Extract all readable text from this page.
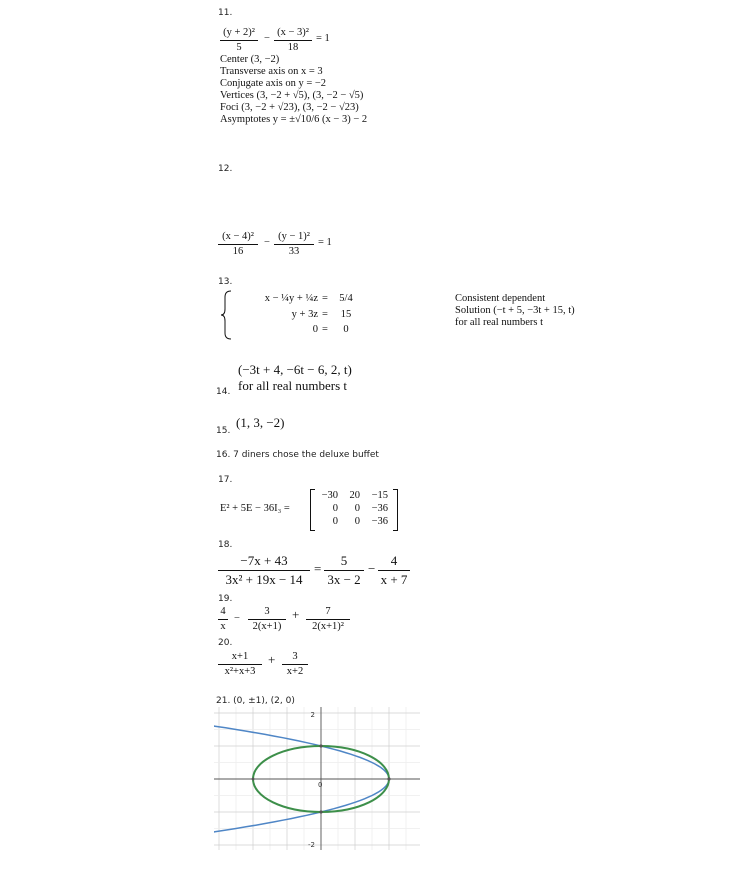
11.
(y + 2)²
5
−
(x − 3)²
18
= 1
Center (3, −2)
Transverse axis on x = 3
Conjugate axis on y = −2
Vertices (3, −2 + √5), (3, −2 − √5)
Foci (3, −2 + √23), (3, −2 − √23)
Asymptotes y = ±√10/6 (x − 3) − 2
12.
(x − 4)²
16
−
(y − 1)²
33
= 1
13.
x − ¼y + ¼z =	5/4
y + 3z =	15
0 =	0
Consistent dependent
Solution (−t + 5, −3t + 15, t)
for all real numbers t
(−3t + 4, −6t − 6, 2, t)
for all real numbers t
14.
(1, 3, −2)
15.
16. 7 diners chose the deluxe buffet
17.
E² + 5E − 36I₃ =
−30	20	−15
0	0	−36
0	0	−36
18.
−7x + 43
3x² + 19x − 14
=
5
3x − 2
−
4
x + 7
19.
4
x
−
3
2(x+1)
+	7
2(x+1)²
20.
x+1
x²+x+3
+	3
x+2
21. (0, ±1), (2, 0)
2
0
-2
